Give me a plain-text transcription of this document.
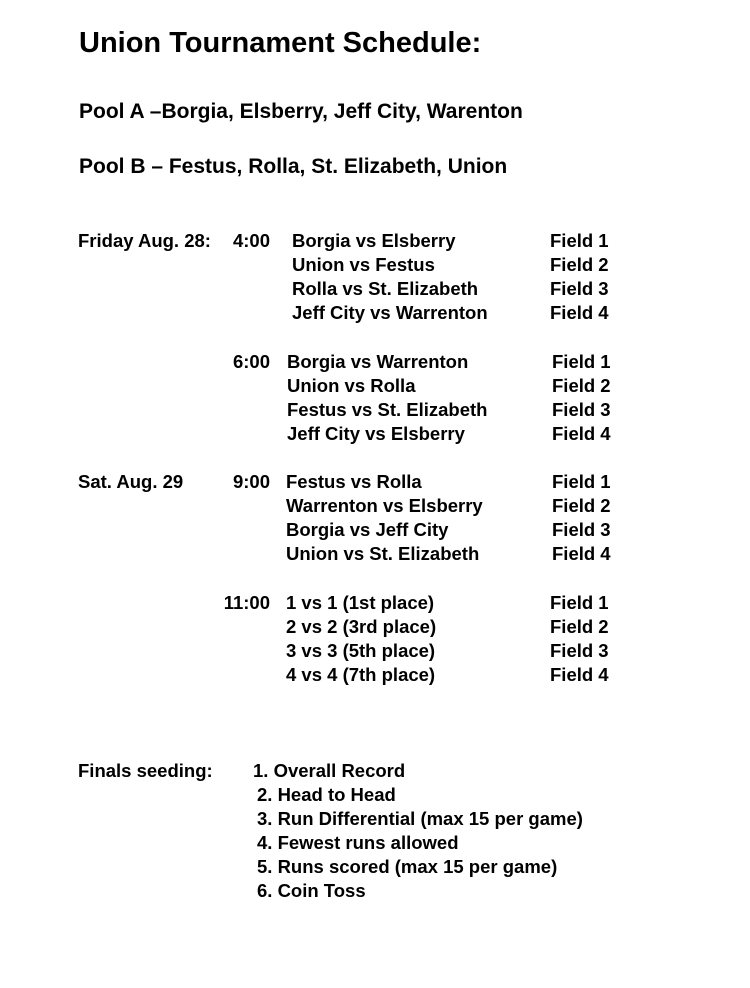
Union Tournament Schedule:
Pool A –Borgia, Elsberry, Jeff City, Warenton
Pool B – Festus, Rolla, St. Elizabeth, Union
Friday Aug. 28: 4:00 Borgia vs Elsberry	Field 1
Union vs Festus	Field 2
Rolla vs St. Elizabeth	Field 3
Jeff City vs Warrenton	Field 4
6:00 Borgia vs Warrenton	Field 1
Union vs Rolla	Field 2
Festus vs St. Elizabeth	Field 3
Jeff City vs Elsberry	Field 4
Sat. Aug. 29	9:00 Festus vs Rolla	Field 1
Warrenton vs Elsberry	Field 2
Borgia vs Jeff City	Field 3
Union vs St. Elizabeth	Field 4
11:00 1 vs 1 (1st place)	Field 1
2 vs 2 (3rd place)	Field 2
3 vs 3 (5th place)	Field 3
4 vs 4 (7th place)	Field 4
Finals seeding: 1. Overall Record
2. Head to Head
3. Run Differential (max 15 per game)
4. Fewest runs allowed
5. Runs scored (max 15 per game)
6. Coin Toss
